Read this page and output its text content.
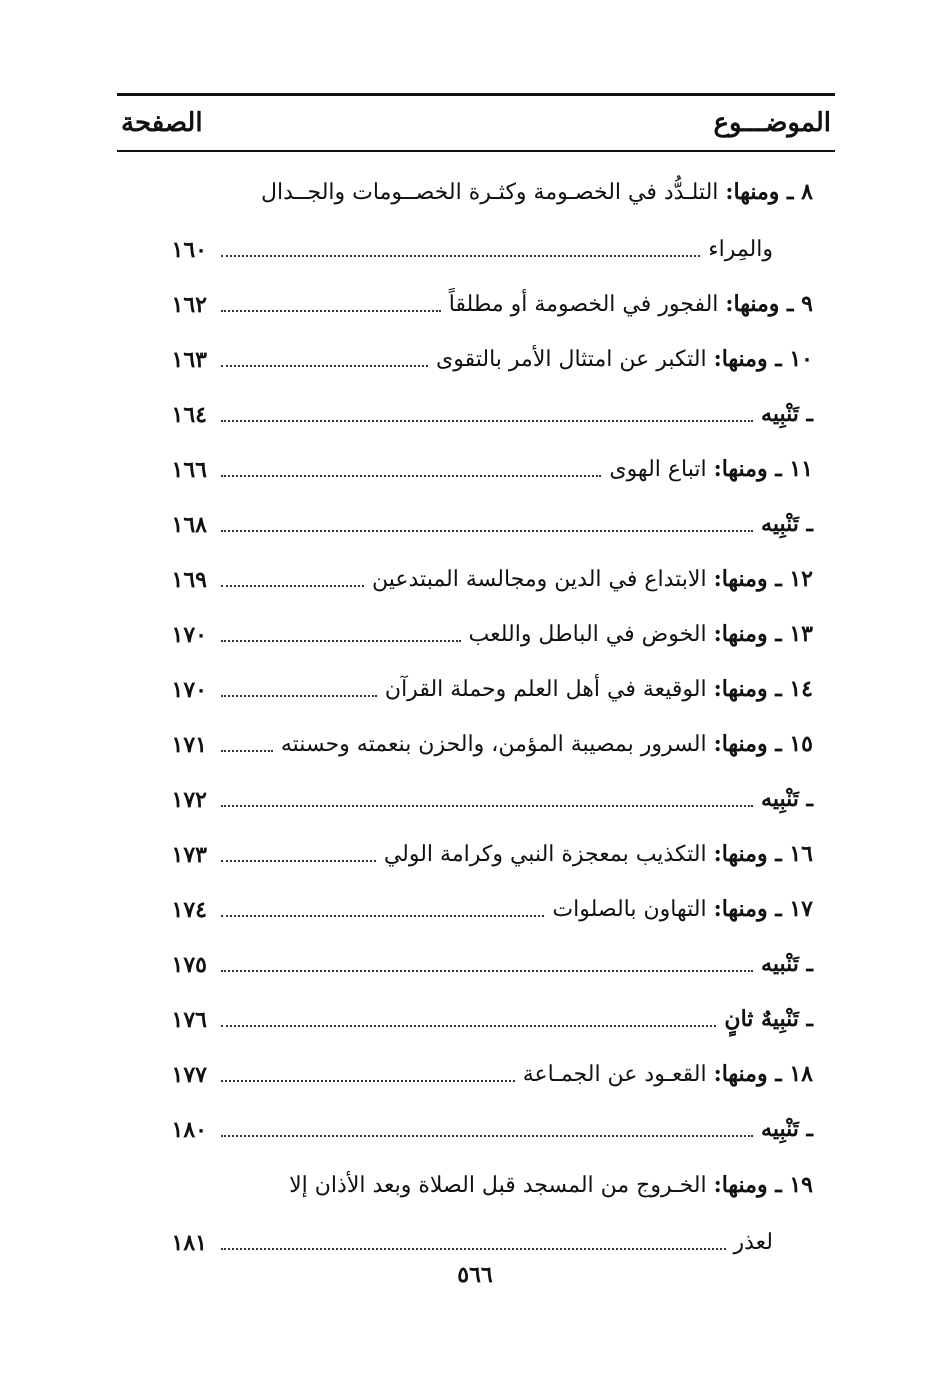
الموضـــوع
الصفحة
٨ ـ ومنها: التلـدُّد في الخصـومة وكثـرة الخصــومات والجــدال
والمِراء
١٦٠
٩ ـ ومنها: الفجور في الخصومة أو مطلقاً
١٦٢
١٠ ـ ومنها: التكبر عن امتثال الأمر بالتقوى
١٦٣
ـ تَنْبِيه
١٦٤
١١ ـ ومنها: اتباع الهوى
١٦٦
ـ تَنْبِيه
١٦٨
١٢ ـ ومنها: الابتداع في الدين ومجالسة المبتدعين
١٦٩
١٣ ـ ومنها: الخوض في الباطل واللعب
١٧٠
١٤ ـ ومنها: الوقيعة في أهل العلم وحملة القرآن
١٧٠
١٥ ـ ومنها: السرور بمصيبة المؤمن، والحزن بنعمته وحسنته
١٧١
ـ تَنْبِيه
١٧٢
١٦ ـ ومنها: التكذيب بمعجزة النبي وكرامة الولي
١٧٣
١٧ ـ ومنها: التهاون بالصلوات
١٧٤
ـ تَنْبيه
١٧٥
ـ تَنْبِيهٌ ثانٍ
١٧٦
١٨ ـ ومنها: القعـود عن الجمـاعة
١٧٧
ـ تَنْبِيه
١٨٠
١٩ ـ ومنها: الخـروج من المسجد قبل الصلاة وبعد الأذان إلا
لعذر
١٨١
٥٦٦
